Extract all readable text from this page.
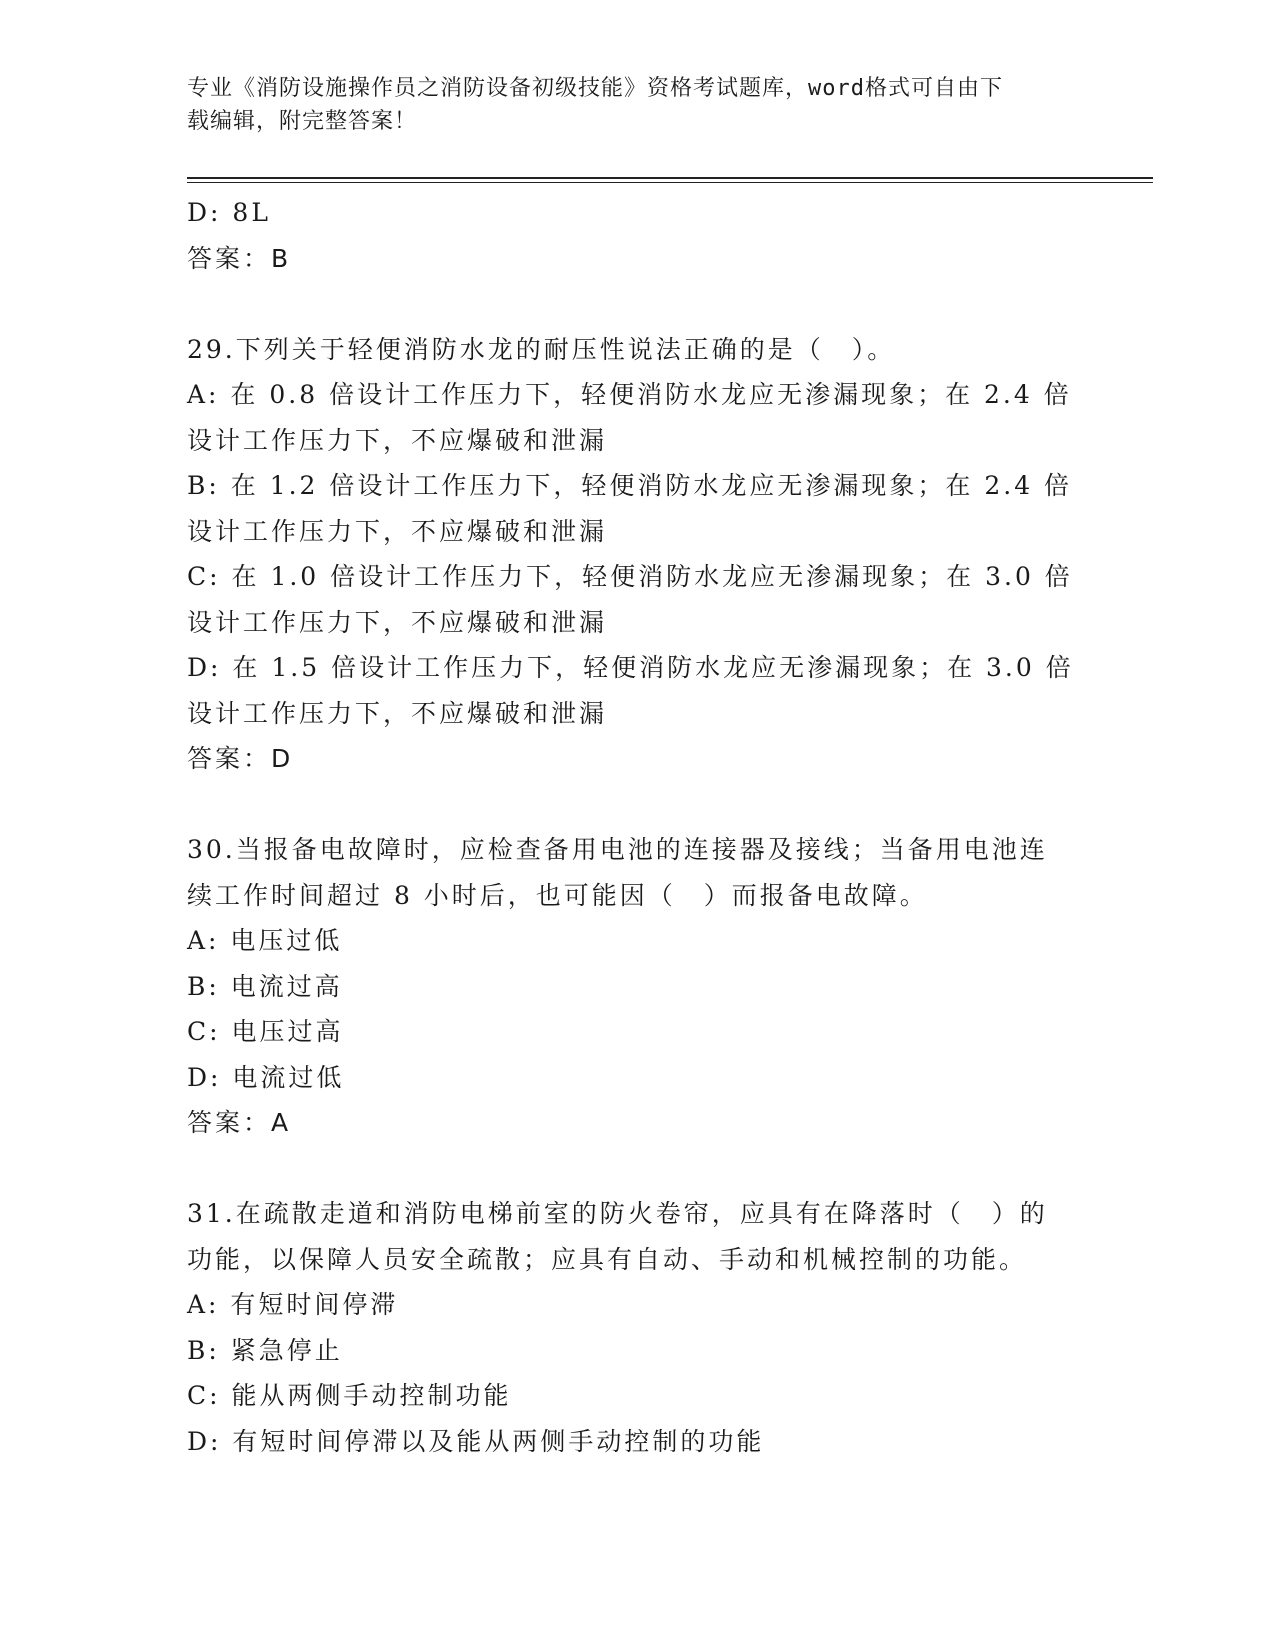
专业《消防设施操作员之消防设备初级技能》资格考试题库，word格式可自由下
载编辑，附完整答案！
D: 8L
答案：B
29.下列关于轻便消防水龙的耐压性说法正确的是（　）。
A: 在 0.8 倍设计工作压力下，轻便消防水龙应无渗漏现象；在 2.4 倍
设计工作压力下，不应爆破和泄漏
B: 在 1.2 倍设计工作压力下，轻便消防水龙应无渗漏现象；在 2.4 倍
设计工作压力下，不应爆破和泄漏
C: 在 1.0 倍设计工作压力下，轻便消防水龙应无渗漏现象；在 3.0 倍
设计工作压力下，不应爆破和泄漏
D: 在 1.5 倍设计工作压力下，轻便消防水龙应无渗漏现象；在 3.0 倍
设计工作压力下，不应爆破和泄漏
答案：D
30.当报备电故障时，应检查备用电池的连接器及接线；当备用电池连
续工作时间超过 8 小时后，也可能因（　）而报备电故障。
A: 电压过低
B: 电流过高
C: 电压过高
D: 电流过低
答案：A
31.在疏散走道和消防电梯前室的防火卷帘，应具有在降落时（　）的
功能，以保障人员安全疏散；应具有自动、手动和机械控制的功能。
A: 有短时间停滞
B: 紧急停止
C: 能从两侧手动控制功能
D: 有短时间停滞以及能从两侧手动控制的功能
